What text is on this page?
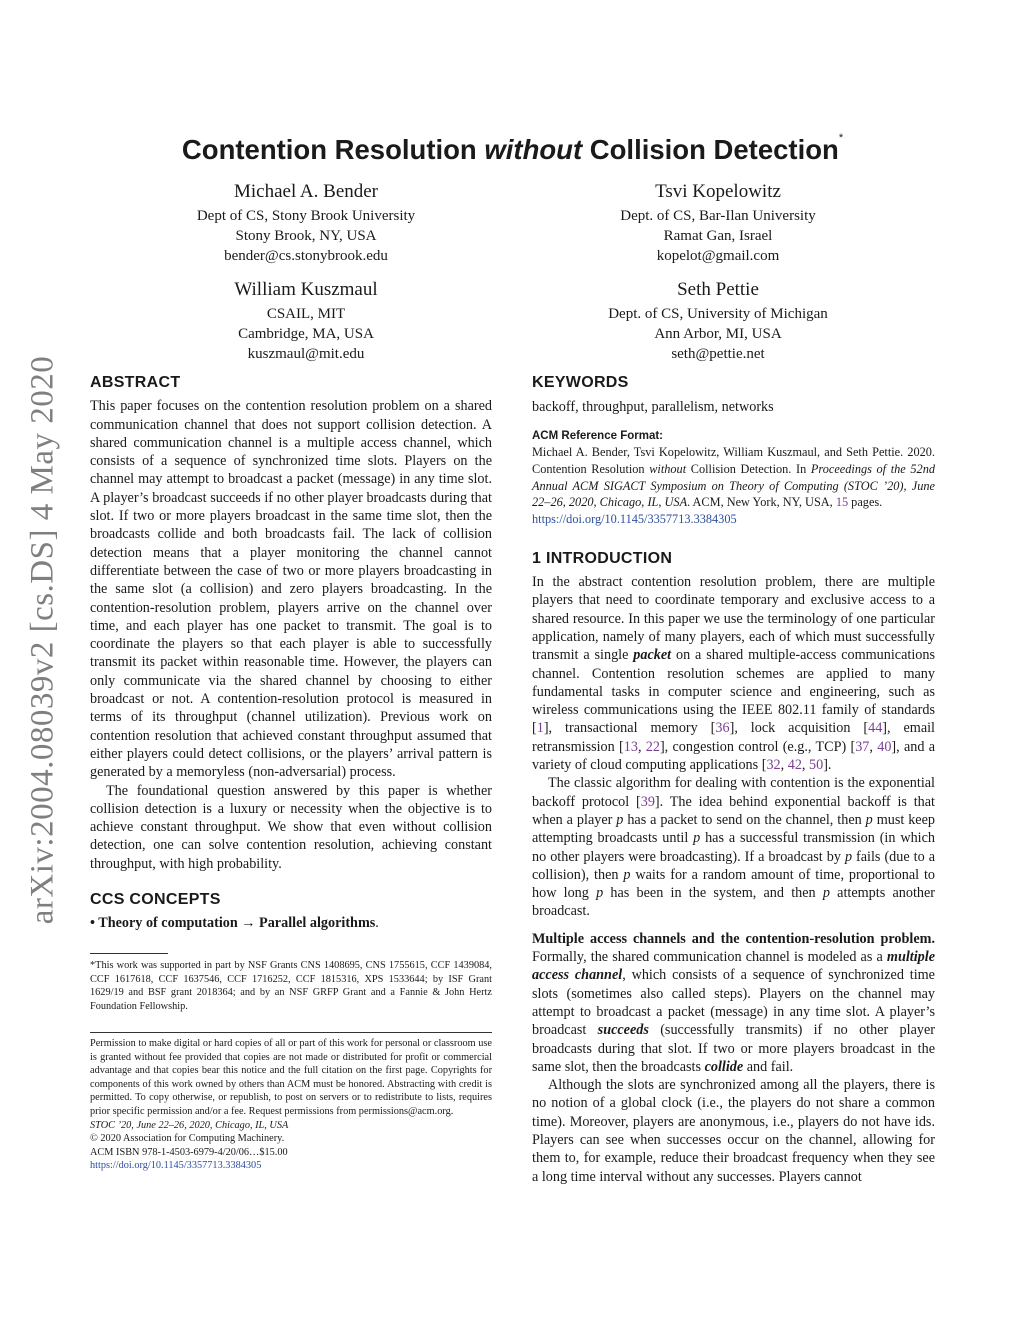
arXiv:2004.08039v2 [cs.DS] 4 May 2020
Contention Resolution without Collision Detection*
Michael A. Bender
Dept of CS, Stony Brook University
Stony Brook, NY, USA
bender@cs.stonybrook.edu
Tsvi Kopelowitz
Dept. of CS, Bar-Ilan University
Ramat Gan, Israel
kopelot@gmail.com
William Kuszmaul
CSAIL, MIT
Cambridge, MA, USA
kuszmaul@mit.edu
Seth Pettie
Dept. of CS, University of Michigan
Ann Arbor, MI, USA
seth@pettie.net
ABSTRACT

This paper focuses on the contention resolution problem on a shared communication channel that does not support collision detection. A shared communication channel is a multiple access channel, which consists of a sequence of synchronized time slots. Players on the channel may attempt to broadcast a packet (message) in any time slot. A player’s broadcast succeeds if no other player broadcasts during that slot. If two or more players broadcast in the same time slot, then the broadcasts collide and both broadcasts fail. The lack of collision detection means that a player monitoring the channel cannot differentiate between the case of two or more players broadcasting in the same slot (a collision) and zero players broadcasting. In the contention-resolution problem, players arrive on the channel over time, and each player has one packet to transmit. The goal is to coordinate the players so that each player is able to successfully transmit its packet within reasonable time. However, the players can only communicate via the shared channel by choosing to either broadcast or not. A contention-resolution protocol is measured in terms of its throughput (channel utilization). Previous work on contention resolution that achieved constant throughput assumed that either players could detect collisions, or the players’ arrival pattern is generated by a memoryless (non-adversarial) process.

The foundational question answered by this paper is whether collision detection is a luxury or necessity when the objective is to achieve constant throughput. We show that even without collision detection, one can solve contention resolution, achieving constant throughput, with high probability.

CCS CONCEPTS
• Theory of computation → Parallel algorithms.

*This work was supported in part by NSF Grants CNS 1408695, CNS 1755615, CCF 1439084, CCF 1617618, CCF 1637546, CCF 1716252, CCF 1815316, XPS 1533644; by ISF Grant 1629/19 and BSF grant 2018364; and by an NSF GRFP Grant and a Fannie & John Hertz Foundation Fellowship.

Permission to make digital or hard copies of all or part of this work for personal or classroom use is granted without fee provided that copies are not made or distributed for profit or commercial advantage and that copies bear this notice and the full citation on the first page. Copyrights for components of this work owned by others than ACM must be honored. Abstracting with credit is permitted. To copy otherwise, or republish, to post on servers or to redistribute to lists, requires prior specific permission and/or a fee. Request permissions from permissions@acm.org.

STOC ’20, June 22–26, 2020, Chicago, IL, USA

© 2020 Association for Computing Machinery.

ACM ISBN 978-1-4503-6979-4/20/06…$15.00

https://doi.org/10.1145/3357713.3384305

KEYWORDS

backoff, throughput, parallelism, networks

ACM Reference Format:
Michael A. Bender, Tsvi Kopelowitz, William Kuszmaul, and Seth Pettie. 2020. Contention Resolution without Collision Detection. In Proceedings of the 52nd Annual ACM SIGACT Symposium on Theory of Computing (STOC ’20), June 22–26, 2020, Chicago, IL, USA. ACM, New York, NY, USA, 15 pages.
https://doi.org/10.1145/3357713.3384305
1 INTRODUCTION

In the abstract contention resolution problem, there are multiple players that need to coordinate temporary and exclusive access to a shared resource. In this paper we use the terminology of one particular application, namely of many players, each of which must successfully transmit a single packet on a shared multiple-access communications channel. Contention resolution schemes are applied to many fundamental tasks in computer science and engineering, such as wireless communications using the IEEE 802.11 family of standards [1], transactional memory [36], lock acquisition [44], email retransmission [13, 22], congestion control (e.g., TCP) [37, 40], and a variety of cloud computing applications [32, 42, 50].

The classic algorithm for dealing with contention is the exponential backoff protocol [39]. The idea behind exponential backoff is that when a player p has a packet to send on the channel, then p must keep attempting broadcasts until p has a successful transmission (in which no other players were broadcasting). If a broadcast by p fails (due to a collision), then p waits for a random amount of time, proportional to how long p has been in the system, and then p attempts another broadcast.

Multiple access channels and the contention-resolution problem. Formally, the shared communication channel is modeled as a multiple access channel, which consists of a sequence of synchronized time slots (sometimes also called steps). Players on the channel may attempt to broadcast a packet (message) in any time slot. A player’s broadcast succeeds (successfully transmits) if no other player broadcasts during that slot. If two or more players broadcast in the same slot, then the broadcasts collide and fail.

Although the slots are synchronized among all the players, there is no notion of a global clock (i.e., the players do not share a common time). Moreover, players are anonymous, i.e., players do not have ids. Players can see when successes occur on the channel, allowing for them to, for example, reduce their broadcast frequency when they see a long time interval without any successes. Players cannot
